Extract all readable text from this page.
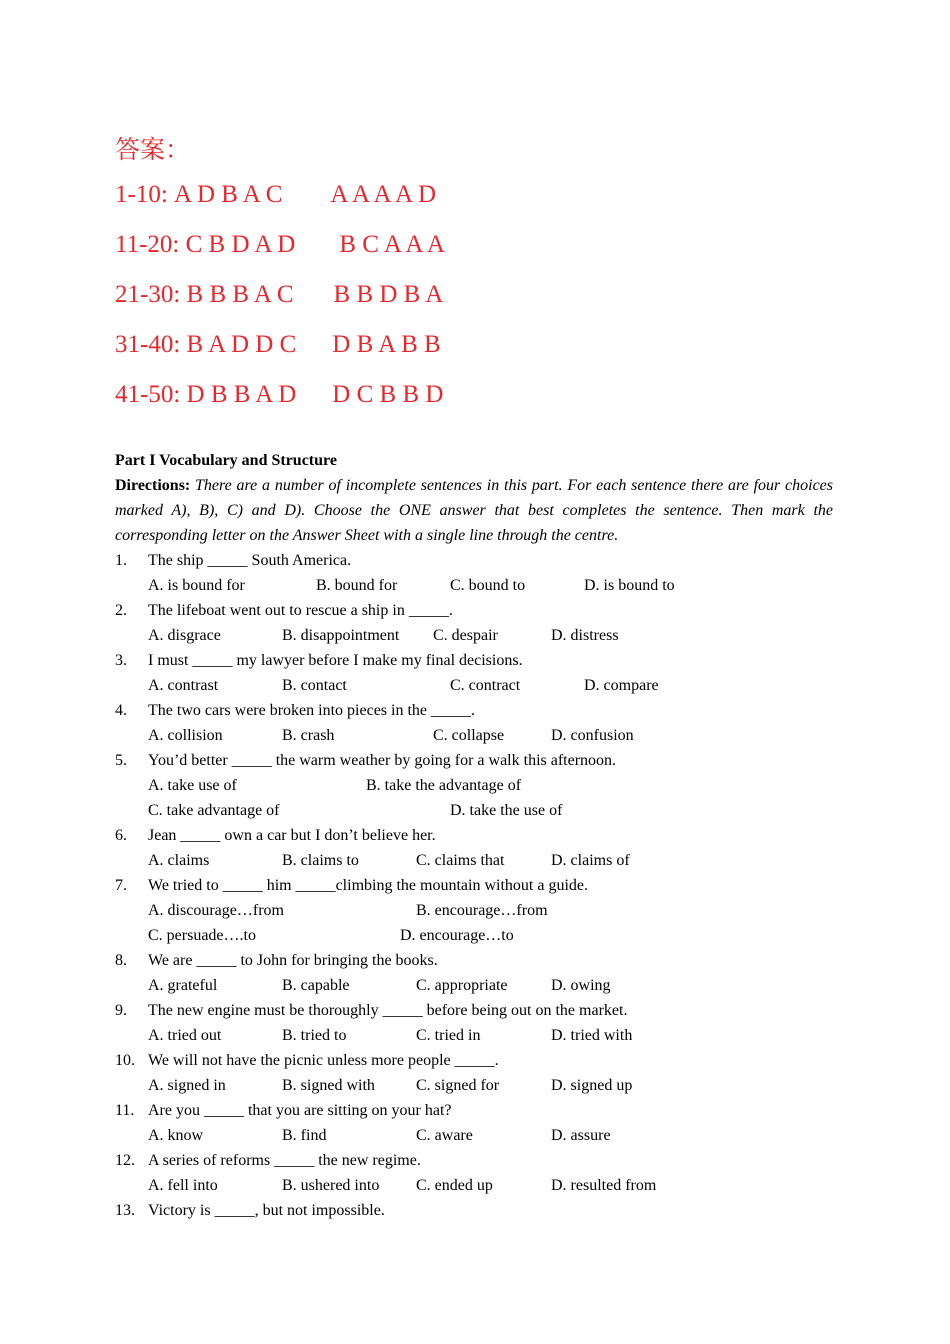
答案：
1-10: A D B A C A A A A D
11-20: C B D A D B C A A A
21-30: B B B A C B B D B A
31-40: B A D D C D B A B B
41-50: D B B A D D C B B D
Part I Vocabulary and Structure
Directions: There are a number of incomplete sentences in this part. For each sentence there are four choices marked A), B), C) and D). Choose the ONE answer that best completes the sentence. Then mark the corresponding letter on the Answer Sheet with a single line through the centre.
1. The ship _____ South America.
A. is bound for	B. bound for	C. bound to	D. is bound to
2. The lifeboat went out to rescue a ship in _____.
A. disgrace	B. disappointment C. despair	D. distress
3. I must _____ my lawyer before I make my final decisions.
A. contrast	B. contact	C. contract	D. compare
4. The two cars were broken into pieces in the _____.
A. collision	B. crash	C. collapse	D. confusion
5. You’d better _____ the warm weather by going for a walk this afternoon.
A. take use of	B. take the advantage of
C. take advantage of	D. take the use of
6. Jean _____ own a car but I don’t believe her.
A. claims	B. claims to	C. claims that	D. claims of
7. We tried to _____ him _____climbing the mountain without a guide.
A. discourage…from	B. encourage…from
C. persuade….to	D. encourage…to
8. We are _____ to John for bringing the books.
A. grateful	B. capable	C. appropriate	D. owing
9. The new engine must be thoroughly _____ before being out on the market.
A. tried out	B. tried to	C. tried in	D. tried with
10. We will not have the picnic unless more people _____.
A. signed in	B. signed with	C. signed for	D. signed up
11. Are you _____ that you are sitting on your hat?
A. know	B. find	C. aware	D. assure
12. A series of reforms _____ the new regime.
A. fell into	B. ushered into C. ended up	D. resulted from
13. Victory is _____, but not impossible.
